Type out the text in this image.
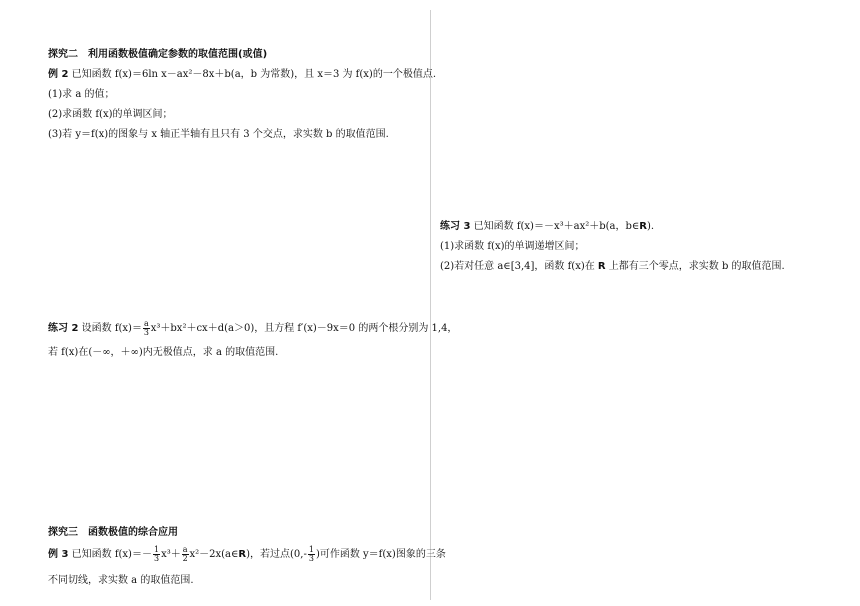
探究二　利用函数极值确定参数的取值范围(或值)
例 2 已知函数 f(x)＝6ln x－ax²－8x＋b(a，b 为常数)，且 x＝3 为 f(x)的一个极值点.
(1)求 a 的值；
(2)求函数 f(x)的单调区间；
(3)若 y＝f(x)的图象与 x 轴正半轴有且只有 3 个交点，求实数 b 的取值范围.
练习 2 设函数 $f(x)= \frac{a}{3} x^3+bx^2+cx+d(a>0)$，且方程 f′(x)－9x＝0 的两个根分别为 1,4，
若 f(x)在(－∞，＋∞)内无极值点，求 a 的取值范围.
探究三　函数极值的综合应用
例 3 已知函数 $f(x)=- \frac{1}{3} x^3+ \frac{a}{2}$ x²－2x(a∈R)，若过点($0,- \frac{1}{3}$ )可作函数 y＝f(x)图象的三条
不同切线，求实数 a 的取值范围.
练习 3 已知函数 f(x)＝－x³＋ax²＋b(a，b∈R).
(1)求函数 f(x)的单调递增区间；
(2)若对任意 a∈[3,4]，函数 f(x)在 R 上都有三个零点，求实数 b 的取值范围.
